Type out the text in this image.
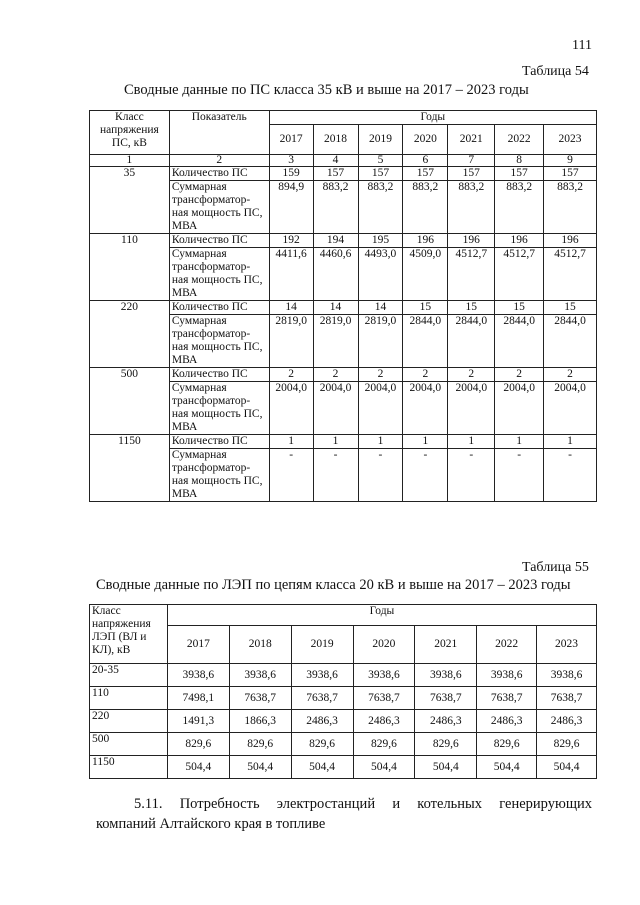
111
Таблица 54
Сводные данные по ПС класса 35 кВ и выше на 2017 – 2023 годы
Класс напряжения ПС, кВ	Показатель	Годы						
		2017	2018	2019	2020	2021	2022	2023
1	2	3	4	5	6	7	8	9
35	Количество ПС	159	157	157	157	157	157	157
	Суммарная трансформатор-ная мощность ПС, МВА	894,9	883,2	883,2	883,2	883,2	883,2	883,2
110	Количество ПС	192	194	195	196	196	196	196
	Суммарная трансформатор-ная мощность ПС, МВА	4411,6	4460,6	4493,0	4509,0	4512,7	4512,7	4512,7
220	Количество ПС	14	14	14	15	15	15	15
	Суммарная трансформатор-ная мощность ПС, МВА	2819,0	2819,0	2819,0	2844,0	2844,0	2844,0	2844,0
500	Количество ПС	2	2	2	2	2	2	2
	Суммарная трансформатор-ная мощность ПС, МВА	2004,0	2004,0	2004,0	2004,0	2004,0	2004,0	2004,0
1150	Количество ПС	1	1	1	1	1	1	1
	Суммарная трансформатор-ная мощность ПС, МВА	-	-	-	-	-	-	-
Таблица 55
Сводные данные по ЛЭП по цепям класса 20 кВ и выше на 2017 – 2023 годы
Класс напряжения ЛЭП (ВЛ и КЛ), кВ	Годы						
	2017	2018	2019	2020	2021	2022	2023
20-35	3938,6	3938,6	3938,6	3938,6	3938,6	3938,6	3938,6
110	7498,1	7638,7	7638,7	7638,7	7638,7	7638,7	7638,7
220	1491,3	1866,3	2486,3	2486,3	2486,3	2486,3	2486,3
500	829,6	829,6	829,6	829,6	829,6	829,6	829,6
1150	504,4	504,4	504,4	504,4	504,4	504,4	504,4
5.11. Потребность электростанций и котельных генерирующих
компаний Алтайского края в топливе
